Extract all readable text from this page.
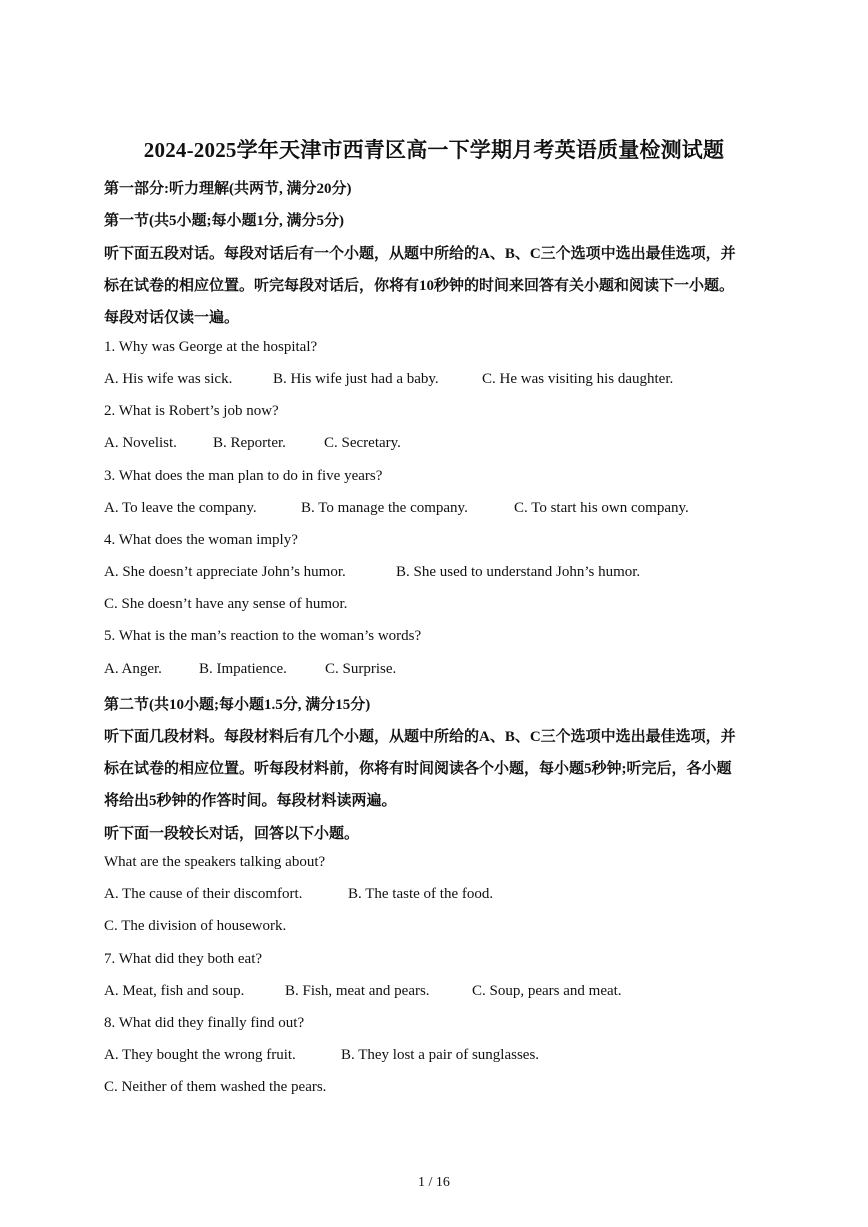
2024-2025学年天津市西青区高一下学期月考英语质量检测试题
第一部分:听力理解(共两节, 满分20分)
第一节(共5小题;每小题1分, 满分5分)
听下面五段对话。每段对话后有一个小题，从题中所给的A、B、C三个选项中选出最佳选项，并
标在试卷的相应位置。听完每段对话后，你将有10秒钟的时间来回答有关小题和阅读下一小题。
每段对话仅读一遍。
1. Why was George at the hospital?
A. His wife was sick.	B. His wife just had a baby.	C. He was visiting his daughter.
2. What is Robert’s job now?
A. Novelist. B. Reporter.	C. Secretary.
3. What does the man plan to do in five years?
A. To leave the company.	B. To manage the company.	C. To start his own company.
4. What does the woman imply?
A. She doesn’t appreciate John’s humor.	B. She used to understand John’s humor.
C. She doesn’t have any sense of humor.
5. What is the man’s reaction to the woman’s words?
A. Anger. B. Impatience.	C. Surprise.
第二节(共10小题;每小题1.5分, 满分15分)
听下面几段材料。每段材料后有几个小题，从题中所给的A、B、C三个选项中选出最佳选项，并
标在试卷的相应位置。听每段材料前，你将有时间阅读各个小题，每小题5秒钟;听完后，各小题
将给出5秒钟的作答时间。每段材料读两遍。
听下面一段较长对话，回答以下小题。
What are the speakers talking about?
A. The cause of their discomfort.	B. The taste of the food.
C. The division of housework.
7. What did they both eat?
A. Meat, fish and soup.	B. Fish, meat and pears.	C. Soup, pears and meat.
8. What did they finally find out?
A. They bought the wrong fruit.	B. They lost a pair of sunglasses.
C. Neither of them washed the pears.
1 / 16
